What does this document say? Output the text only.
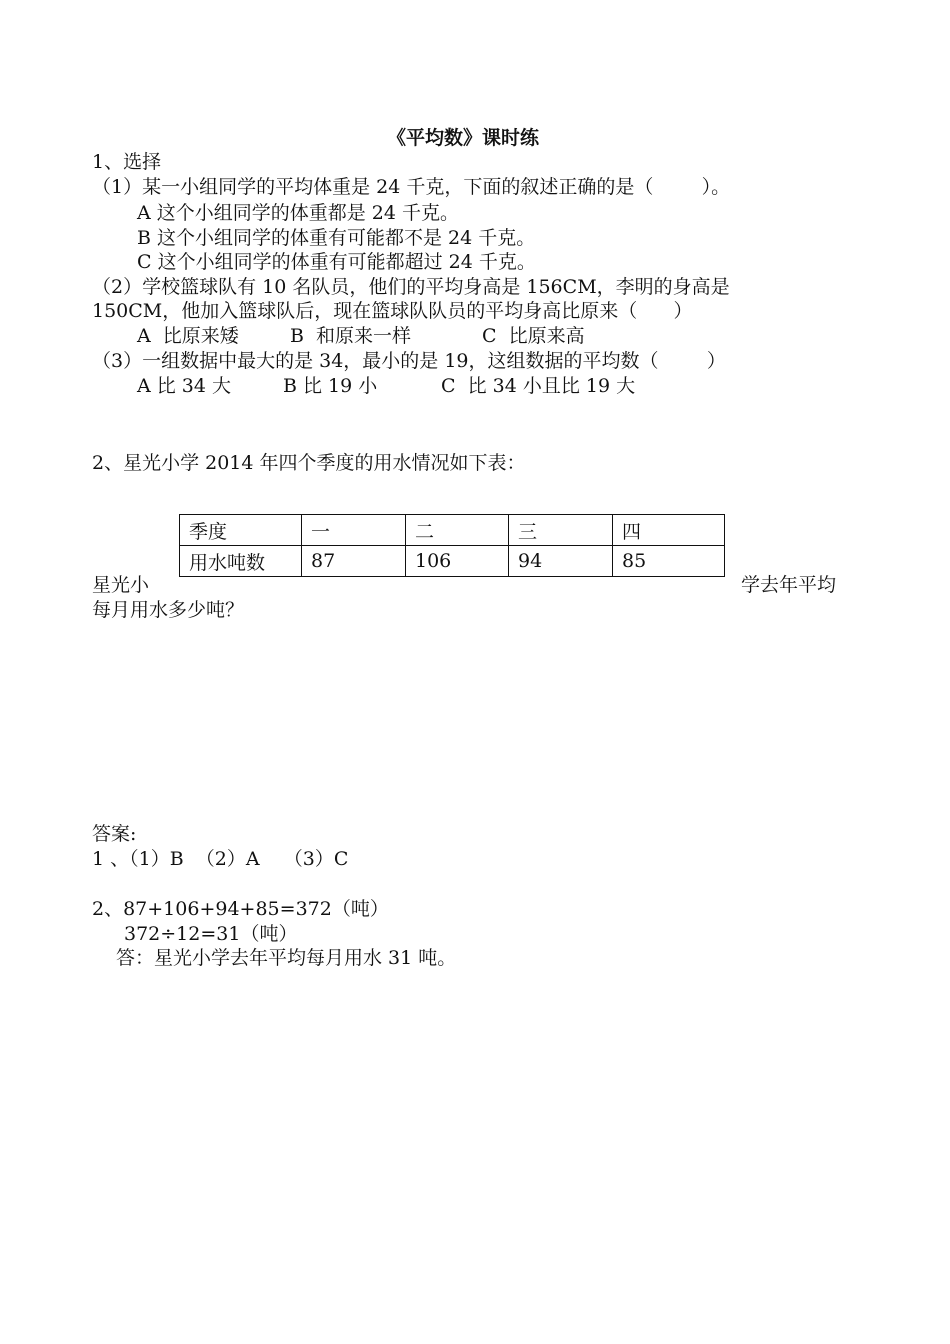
《平均数》课时练
1、选择
（1）某一小组同学的平均体重是 24 千克，下面的叙述正确的是（        ）。
A 这个小组同学的体重都是 24 千克。
B 这个小组同学的体重有可能都不是 24 千克。
C 这个小组同学的体重有可能都超过 24 千克。
（2）学校篮球队有 10 名队员，他们的平均身高是 156CM，李明的身高是
150CM，他加入篮球队后，现在篮球队队员的平均身高比原来（      ）
A  比原来矮	B  和原来一样	C  比原来高
（3）一组数据中最大的是 34，最小的是 19，这组数据的平均数（        ）
A 比 34 大	B 比 19 小	C  比 34 小且比 19 大
2、星光小学 2014 年四个季度的用水情况如下表：
季度	一	二	三	四
用水吨数	87	106	94	85
星光小	学去年平均
每月用水多少吨？
答案:
1 、（1）B  （2）A    （3）C
2、87+106+94+85=372（吨）
372÷12=31（吨）
答：星光小学去年平均每月用水 31 吨。
